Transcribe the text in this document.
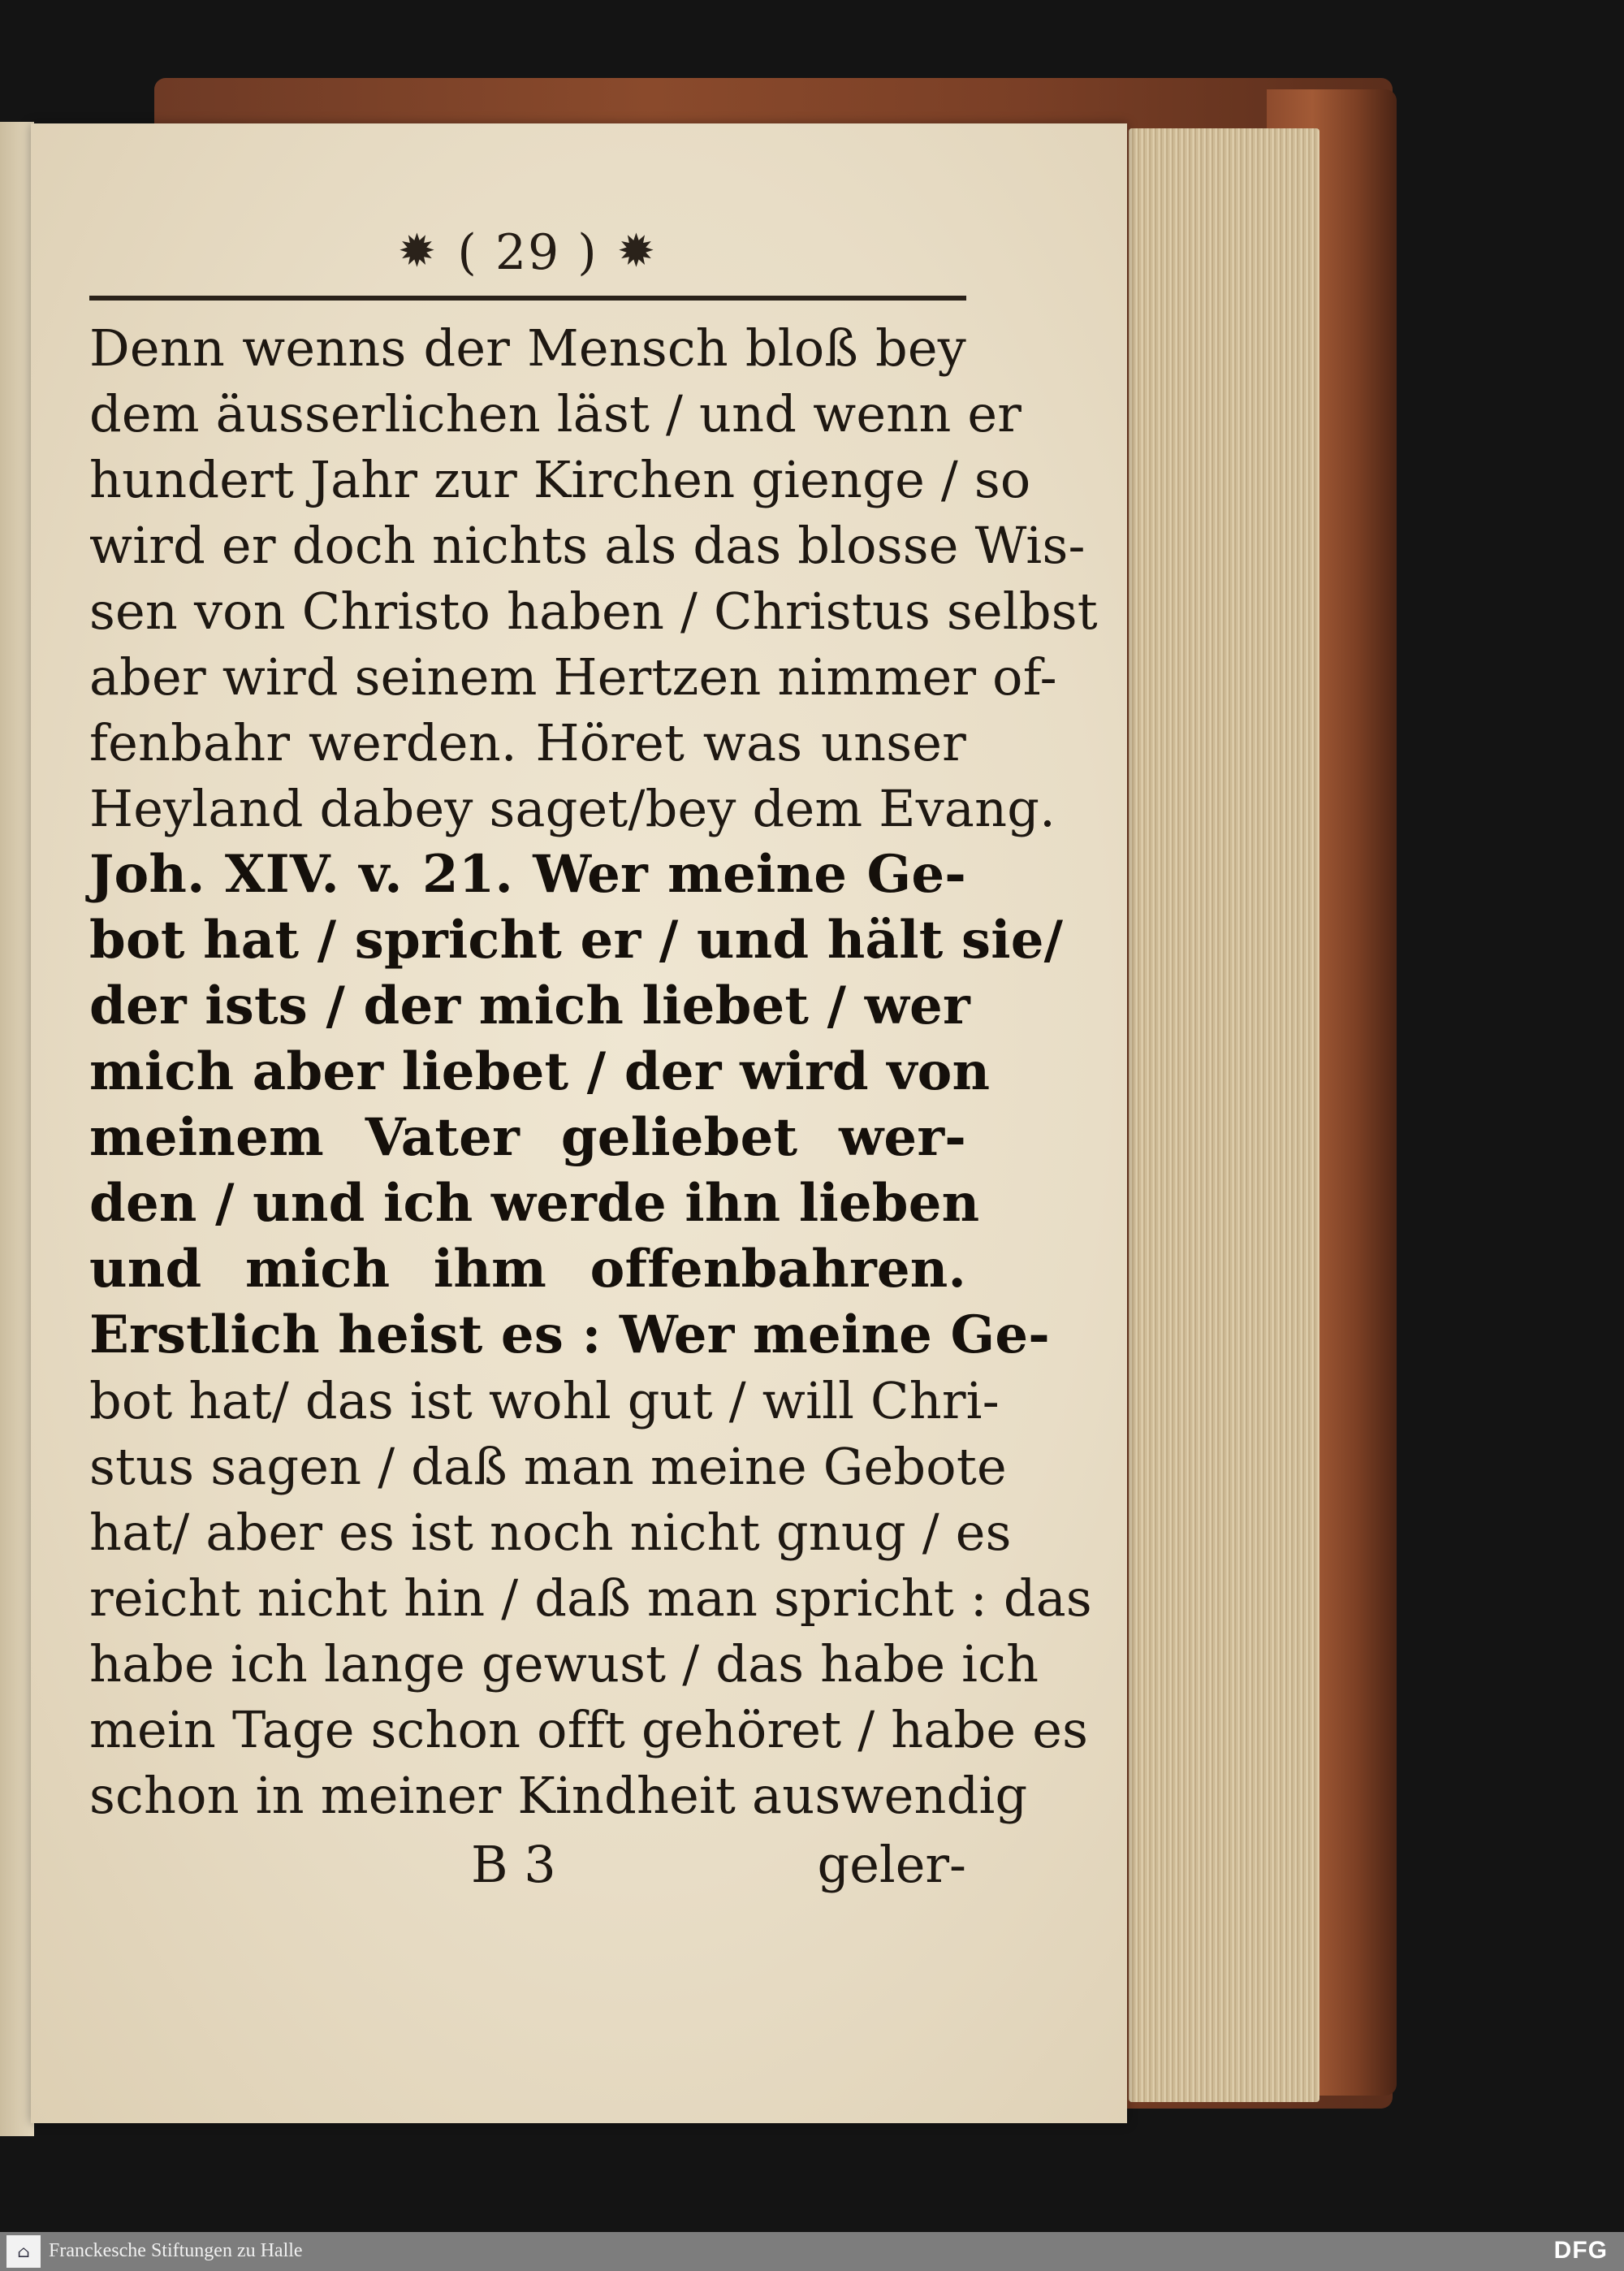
✹ ( 29 ) ✹
Denn wenns der Mensch bloß bey
dem äusserlichen läst / und wenn er
hundert Jahr zur Kirchen gienge / so
wird er doch nichts als das blosse Wis-
sen von Christo haben / Christus selbst
aber wird seinem Hertzen nimmer of-
fenbahr werden. Höret was unser
Heyland dabey saget/bey dem Evang.
Joh. XIV. v. 21. Wer meine Ge-
bot hat / spricht er / und hält sie/
der ists / der mich liebet / wer
mich aber liebet / der wird von
meinem Vater geliebet wer-
den / und ich werde ihn lieben
und mich ihm offenbahren.
Erstlich heist es : Wer meine Ge-
bot hat/ das ist wohl gut / will Chri-
stus sagen / daß man meine Gebote
hat/ aber es ist noch nicht gnug / es
reicht nicht hin / daß man spricht : das
habe ich lange gewust / das habe ich
mein Tage schon offt gehöret / habe es
schon in meiner Kindheit auswendig
B 3	geler-
⌂ Franckesche Stiftungen zu Halle	DFG
